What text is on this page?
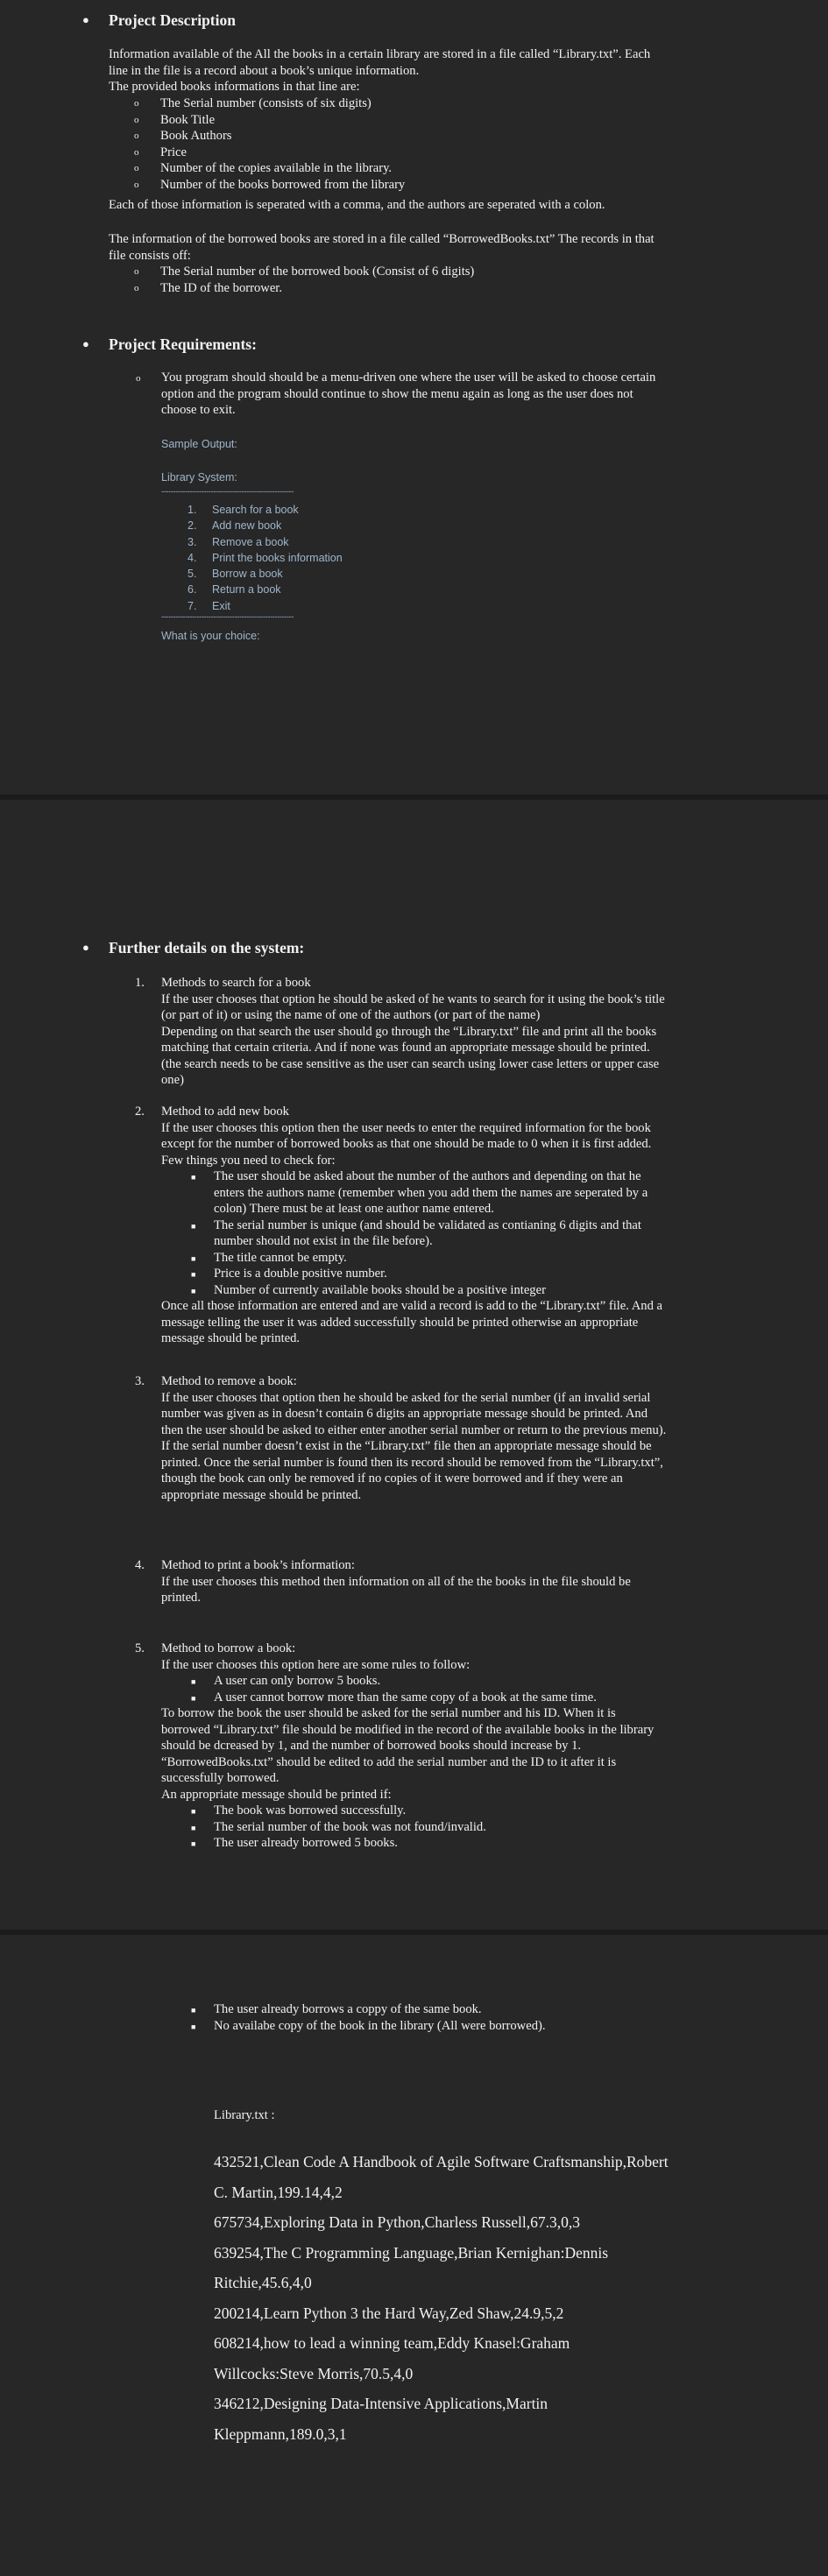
● Project Description
Information available of the All the books in a certain library are stored in a file called “Library.txt”. Each
line in the file is a record about a book’s unique information.
The provided books informations in that line are:
o The Serial number (consists of six digits)
o Book Title
o Book Authors
o Price
o Number of the copies available in the library.
o Number of the books borrowed from the library
Each of those information is seperated with a comma, and the authors are seperated with a colon.
The information of the borrowed books are stored in a file called “BorrowedBooks.txt” The records in that
file consists off:
o The Serial number of the borrowed book (Consist of 6 digits)
o The ID of the borrower.
● Project Requirements:
o You program should should be a menu-driven one where the user will be asked to choose certain
option and the program should continue to show the menu again as long as the user does not
choose to exit.
Sample Output:
Library System:
--------------------------------------------------------
1. Search for a book
2. Add new book
3. Remove a book
4. Print the books information
5. Borrow a book
6. Return a book
7. Exit
--------------------------------------------------------
What is your choice:
● Further details on the system:
1. Methods to search for a book
If the user chooses that option he should be asked of he wants to search for it using the book’s title
(or part of it) or using the name of one of the authors (or part of the name)
Depending on that search the user should go through the “Library.txt” file and print all the books
matching that certain criteria. And if none was found an appropriate message should be printed.
(the search needs to be case sensitive as the user can search using lower case letters or upper case
one)
2. Method to add new book
If the user chooses this option then the user needs to enter the required information for the book
except for the number of borrowed books as that one should be made to 0 when it is first added.
Few things you need to check for:
■ The user should be asked about the number of the authors and depending on that he
enters the authors name (remember when you add them the names are seperated by a
colon) There must be at least one author name entered.
■ The serial number is unique (and should be validated as contianing 6 digits and that
number should not exist in the file before).
■ The title cannot be empty.
■ Price is a double positive number.
■ Number of currently available books should be a positive integer
Once all those information are entered and are valid a record is add to the “Library.txt” file. And a
message telling the user it was added successfully should be printed otherwise an appropriate
message should be printed.
3. Method to remove a book:
If the user chooses that option then he should be asked for the serial number (if an invalid serial
number was given as in doesn’t contain 6 digits an appropriate message should be printed. And
then the user should be asked to either enter another serial number or return to the previous menu).
If the serial number doesn’t exist in the “Library.txt” file then an appropriate message should be
printed. Once the serial number is found then its record should be removed from the “Library.txt”,
though the book can only be removed if no copies of it were borrowed and if they were an
appropriate message should be printed.
4. Method to print a book’s information:
If the user chooses this method then information on all of the the books in the file should be
printed.
5. Method to borrow a book:
If the user chooses this option here are some rules to follow:
■ A user can only borrow 5 books.
■ A user cannot borrow more than the same copy of a book at the same time.
To borrow the book the user should be asked for the serial number and his ID. When it is
borrowed “Library.txt” file should be modified in the record of the available books in the library
should be dcreased by 1, and the number of borrowed books should increase by 1.
“BorrowedBooks.txt” should be edited to add the serial number and the ID to it after it is
successfully borrowed.
An appropriate message should be printed if:
■ The book was borrowed successfully.
■ The serial number of the book was not found/invalid.
■ The user already borrowed 5 books.
■ The user already borrows a coppy of the same book.
■ No availabe copy of the book in the library (All were borrowed).
Library.txt :
432521,Clean Code A Handbook of Agile Software Craftsmanship,Robert
C. Martin,199.14,4,2
675734,Exploring Data in Python,Charless Russell,67.3,0,3
639254,The C Programming Language,Brian Kernighan:Dennis
Ritchie,45.6,4,0
200214,Learn Python 3 the Hard Way,Zed Shaw,24.9,5,2
608214,how to lead a winning team,Eddy Knasel:Graham
Willcocks:Steve Morris,70.5,4,0
346212,Designing Data-Intensive Applications,Martin
Kleppmann,189.0,3,1
